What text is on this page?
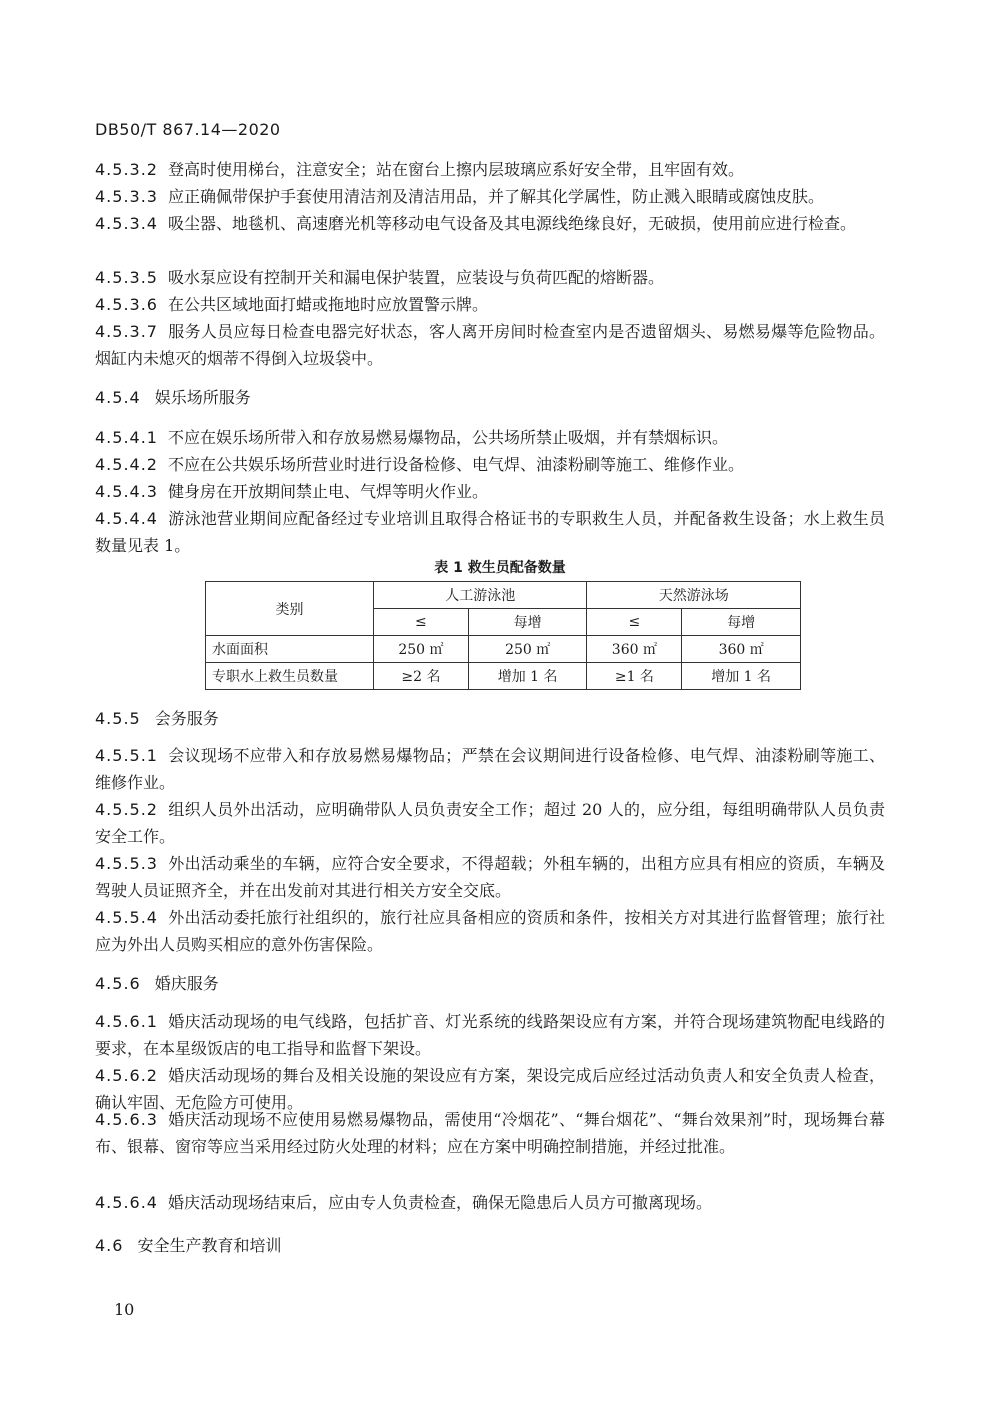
DB50/T 867.14—2020

4.5.3.2 登高时使用梯台，注意安全；站在窗台上擦内层玻璃应系好安全带，且牢固有效。

4.5.3.3 应正确佩带保护手套使用清洁剂及清洁用品，并了解其化学属性，防止溅入眼睛或腐蚀皮肤。

4.5.3.4 吸尘器、地毯机、高速磨光机等移动电气设备及其电源线绝缘良好，无破损，使用前应进行检查。

4.5.3.5 吸水泵应设有控制开关和漏电保护装置，应装设与负荷匹配的熔断器。

4.5.3.6 在公共区域地面打蜡或拖地时应放置警示牌。

4.5.3.7 服务人员应每日检查电器完好状态，客人离开房间时检查室内是否遗留烟头、易燃易爆等危险物品。烟缸内未熄灭的烟蒂不得倒入垃圾袋中。

4.5.4 娱乐场所服务

4.5.4.1 不应在娱乐场所带入和存放易燃易爆物品，公共场所禁止吸烟，并有禁烟标识。

4.5.4.2 不应在公共娱乐场所营业时进行设备检修、电气焊、油漆粉刷等施工、维修作业。

4.5.4.3 健身房在开放期间禁止电、气焊等明火作业。

4.5.4.4 游泳池营业期间应配备经过专业培训且取得合格证书的专职救生人员，并配备救生设备；水上救生员数量见表 1。

表 1 救生员配备数量
类别	人工游泳池		天然游泳场	
	≤	每增	≤	每增
水面面积	250 ㎡	250 ㎡	360 ㎡	360 ㎡
专职水上救生员数量	≥2 名	增加 1 名	≥1 名	增加 1 名

4.5.5 会务服务

4.5.5.1 会议现场不应带入和存放易燃易爆物品；严禁在会议期间进行设备检修、电气焊、油漆粉刷等施工、维修作业。

4.5.5.2 组织人员外出活动，应明确带队人员负责安全工作；超过 20 人的，应分组，每组明确带队人员负责安全工作。

4.5.5.3 外出活动乘坐的车辆，应符合安全要求，不得超载；外租车辆的，出租方应具有相应的资质，车辆及驾驶人员证照齐全，并在出发前对其进行相关方安全交底。

4.5.5.4 外出活动委托旅行社组织的，旅行社应具备相应的资质和条件，按相关方对其进行监督管理；旅行社应为外出人员购买相应的意外伤害保险。

4.5.6 婚庆服务

4.5.6.1 婚庆活动现场的电气线路，包括扩音、灯光系统的线路架设应有方案，并符合现场建筑物配电线路的要求，在本星级饭店的电工指导和监督下架设。

4.5.6.2 婚庆活动现场的舞台及相关设施的架设应有方案，架设完成后应经过活动负责人和安全负责人检查，确认牢固、无危险方可使用。

4.5.6.3 婚庆活动现场不应使用易燃易爆物品，需使用“冷烟花”、“舞台烟花”、“舞台效果剂”时，现场舞台幕布、银幕、窗帘等应当采用经过防火处理的材料；应在方案中明确控制措施，并经过批准。

4.5.6.4 婚庆活动现场结束后，应由专人负责检查，确保无隐患后人员方可撤离现场。

4.6 安全生产教育和培训

10
